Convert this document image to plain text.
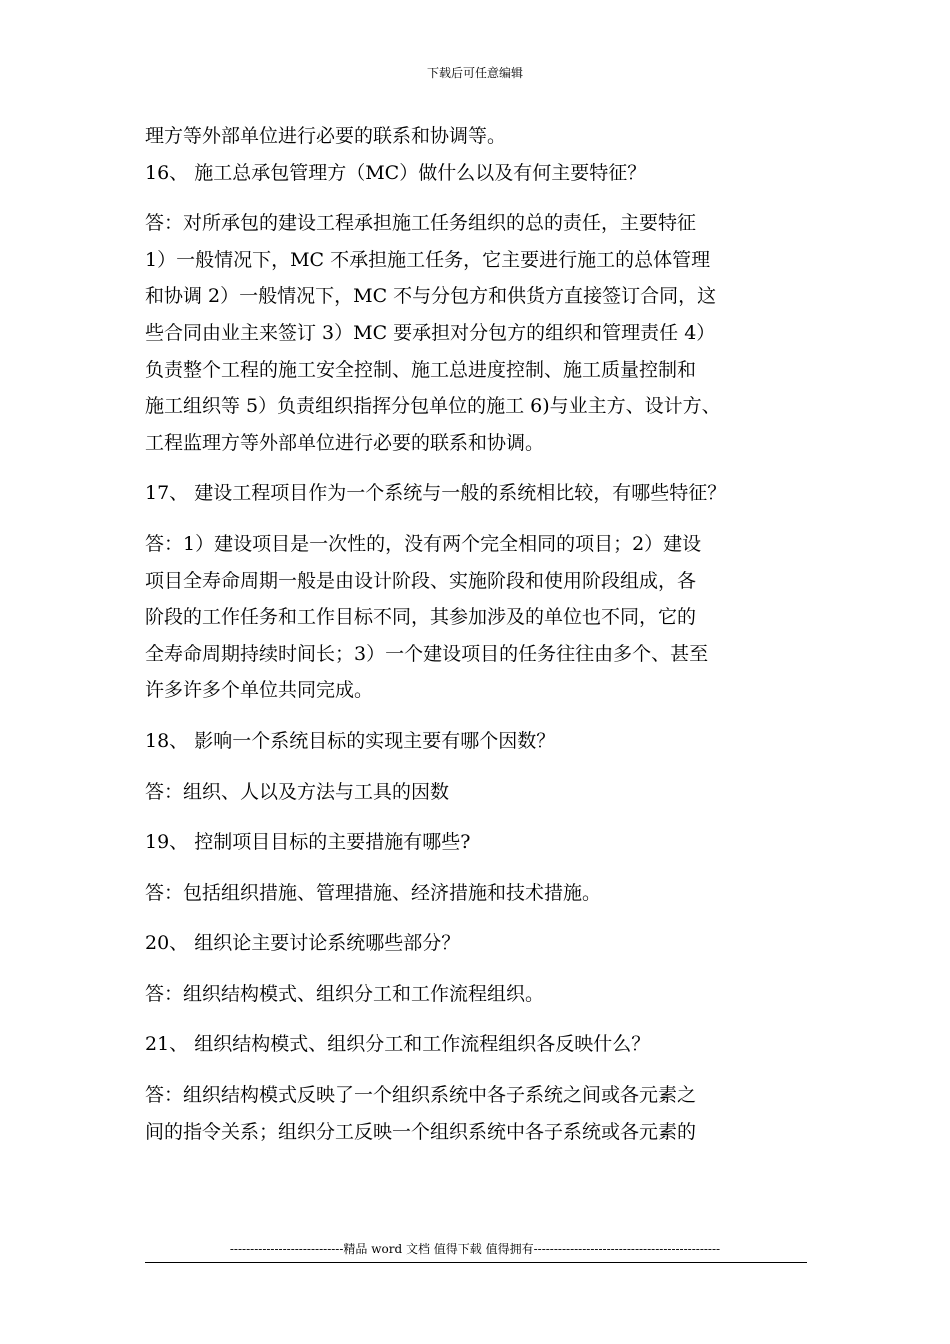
下载后可任意编辑
理方等外部单位进行必要的联系和协调等。
16、 施工总承包管理方（MC）做什么以及有何主要特征？
答：对所承包的建设工程承担施工任务组织的总的责任，主要特征
1）一般情况下，MC 不承担施工任务，它主要进行施工的总体管理
和协调 2）一般情况下，MC 不与分包方和供货方直接签订合同，这
些合同由业主来签订 3）MC 要承担对分包方的组织和管理责任 4）
负责整个工程的施工安全控制、施工总进度控制、施工质量控制和
施工组织等 5）负责组织指挥分包单位的施工 6)与业主方、设计方、
工程监理方等外部单位进行必要的联系和协调。
17、 建设工程项目作为一个系统与一般的系统相比较，有哪些特征？
答：1）建设项目是一次性的，没有两个完全相同的项目；2）建设
项目全寿命周期一般是由设计阶段、实施阶段和使用阶段组成，各
阶段的工作任务和工作目标不同，其参加涉及的单位也不同，它的
全寿命周期持续时间长；3）一个建设项目的任务往往由多个、甚至
许多许多个单位共同完成。
18、 影响一个系统目标的实现主要有哪个因数？
答：组织、人以及方法与工具的因数
19、 控制项目目标的主要措施有哪些?
答：包括组织措施、管理措施、经济措施和技术措施。
20、 组织论主要讨论系统哪些部分？
答：组织结构模式、组织分工和工作流程组织。
21、 组织结构模式、组织分工和工作流程组织各反映什么？
答：组织结构模式反映了一个组织系统中各子系统之间或各元素之
间的指令关系；组织分工反映一个组织系统中各子系统或各元素的
----------------------------精品 word 文档 值得下载 值得拥有----------------------------------------------
